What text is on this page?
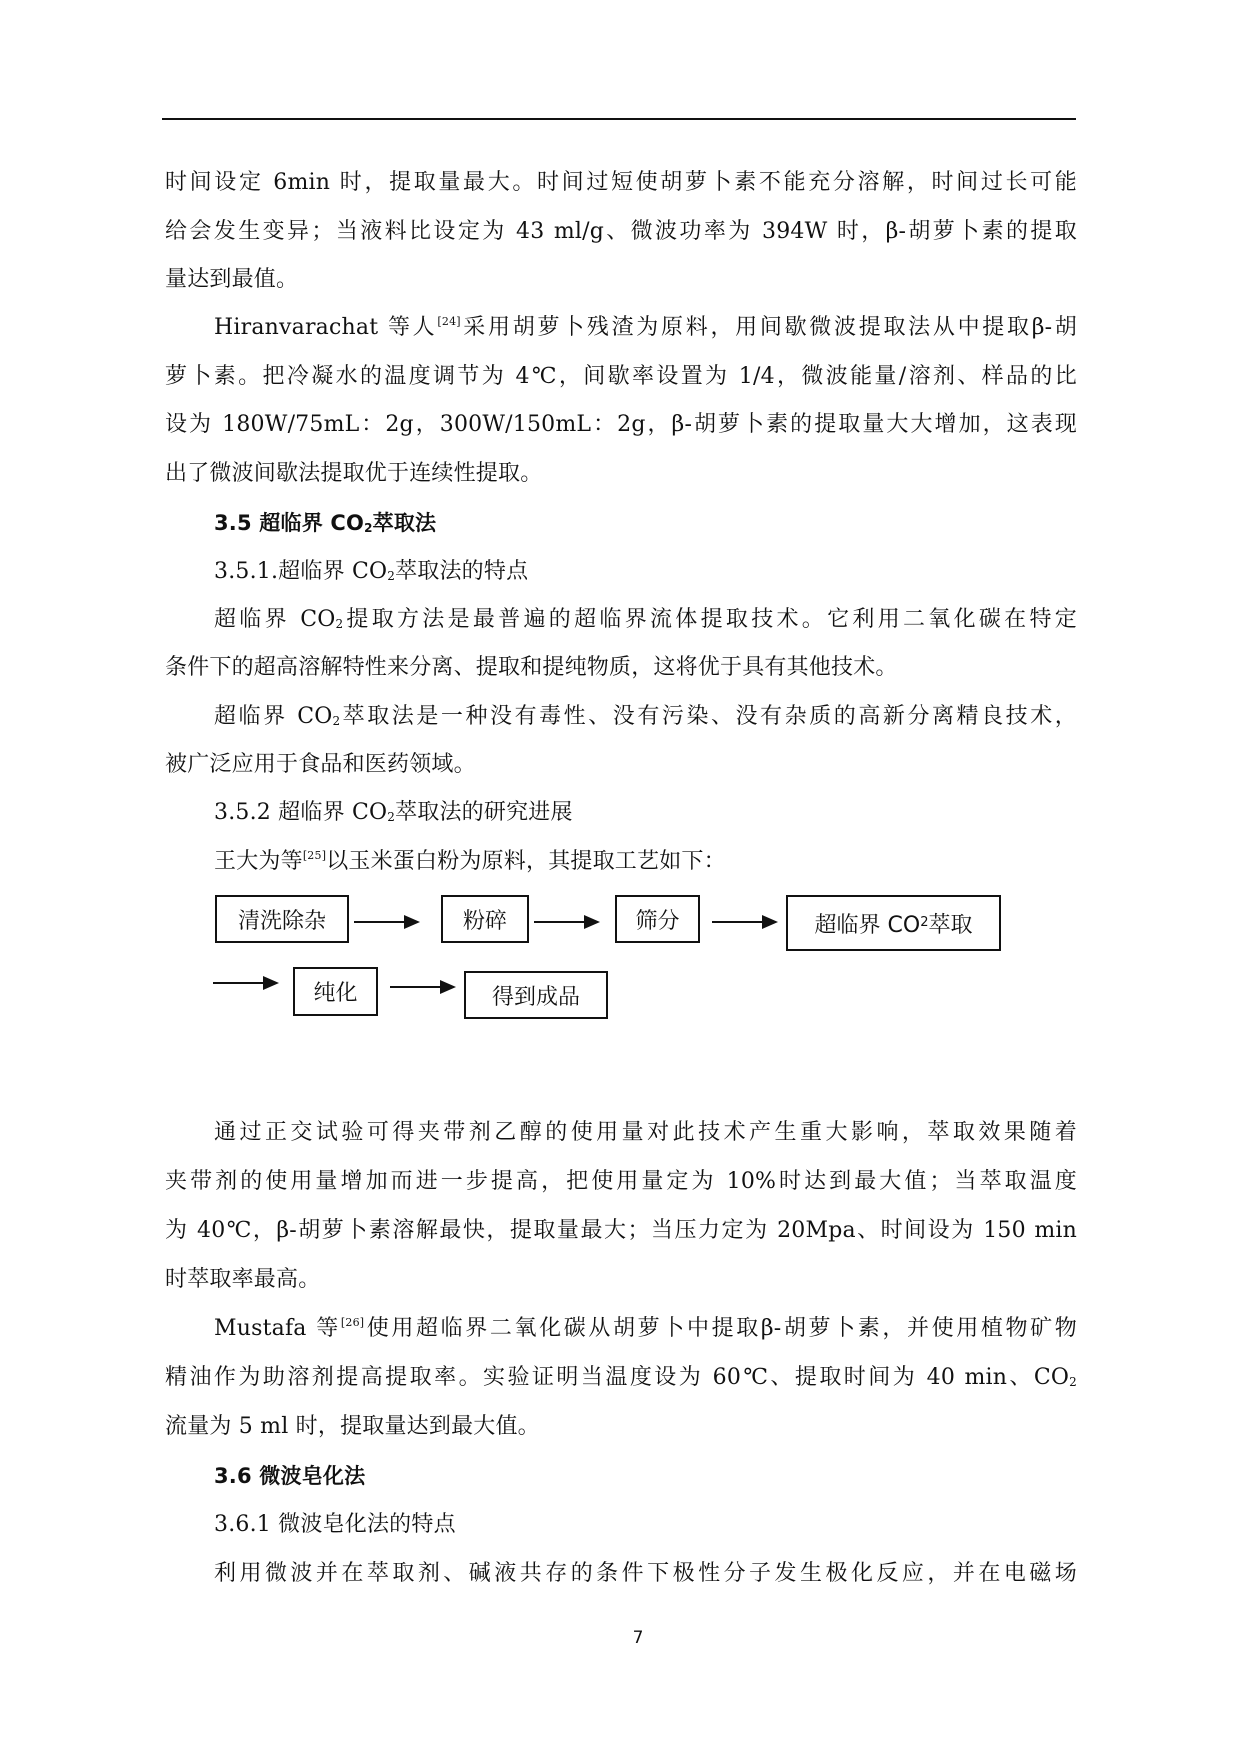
时间设定 6min 时，提取量最大。时间过短使胡萝卜素不能充分溶解，时间过长可能
给会发生变异；当液料比设定为 43 ml/g、微波功率为 394W 时，β-胡萝卜素的提取
量达到最值。
Hiranvarachat 等人[24]采用胡萝卜残渣为原料，用间歇微波提取法从中提取β-胡
萝卜素。把冷凝水的温度调节为 4℃，间歇率设置为 1/4，微波能量/溶剂、样品的比
设为 180W/75mL：2g，300W/150mL：2g，β-胡萝卜素的提取量大大增加，这表现
出了微波间歇法提取优于连续性提取。
3.5 超临界 $CO_2$萃取法
3.5.1.超临界 $CO_2$萃取法的特点
超临界 $CO_2$提取方法是最普遍的超临界流体提取技术。它利用二氧化碳在特定
条件下的超高溶解特性来分离、提取和提纯物质，这将优于具有其他技术。
超临界 $CO_2$萃取法是一种没有毒性、没有污染、没有杂质的高新分离精良技术，
被广泛应用于食品和医药领域。
3.5.2 超临界 $CO_2$萃取法的研究进展
王大为等[25]以玉米蛋白粉为原料，其提取工艺如下：
清洗除杂	粉碎	筛分	超临界 CO 2 萃取
纯化	得到成品
通过正交试验可得夹带剂乙醇的使用量对此技术产生重大影响，萃取效果随着
夹带剂的使用量增加而进一步提高，把使用量定为 10%时达到最大值；当萃取温度
为 40℃，β-胡萝卜素溶解最快，提取量最大；当压力定为 20Mpa、时间设为 150 min
时萃取率最高。
Mustafa 等[26]使用超临界二氧化碳从胡萝卜中提取β-胡萝卜素，并使用植物矿物
精油作为助溶剂提高提取率。实验证明当温度设为 60℃、提取时间为 40 min、$CO_2$
流量为 5 ml 时，提取量达到最大值。
3.6 微波皂化法
3.6.1 微波皂化法的特点
利用微波并在萃取剂、碱液共存的条件下极性分子发生极化反应，并在电磁场
7
